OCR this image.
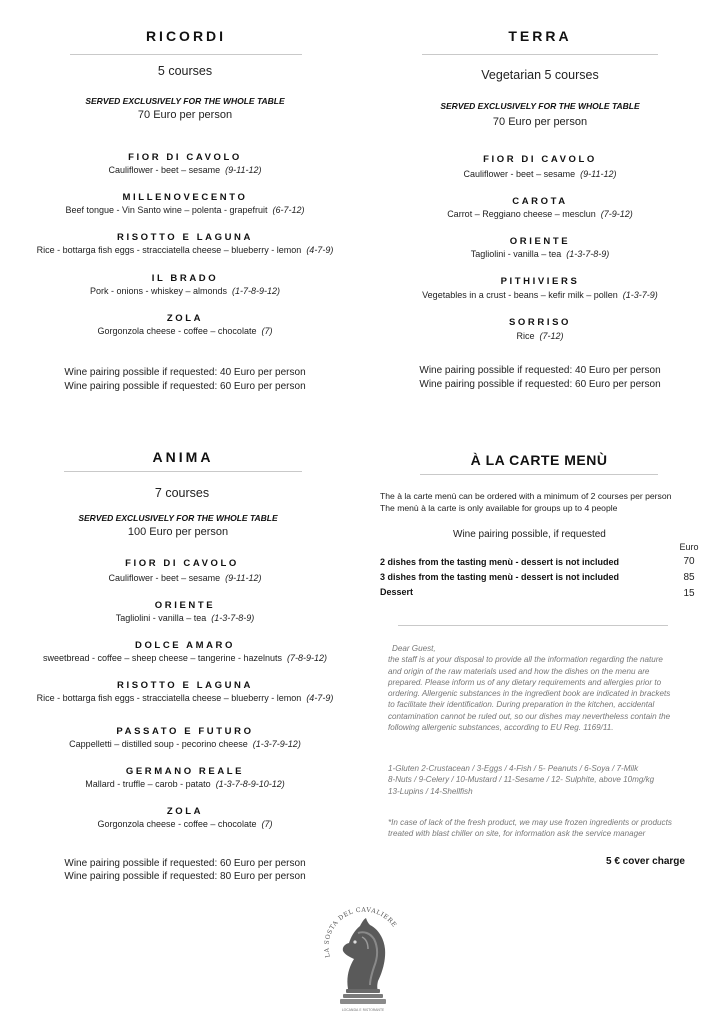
RICORDI
5 courses
SERVED EXCLUSIVELY FOR THE WHOLE TABLE
70 Euro per person
FIOR DI CAVOLO
Cauliflower - beet – sesame (9-11-12)
MILLENOVECENTO
Beef tongue - Vin Santo wine – polenta - grapefruit (6-7-12)
RISOTTO E LAGUNA
Rice - bottarga fish eggs - stracciatella cheese – blueberry - lemon (4-7-9)
IL BRADO
Pork - onions - whiskey – almonds (1-7-8-9-12)
ZOLA
Gorgonzola cheese - coffee – chocolate (7)
Wine pairing possible if requested: 40 Euro per person
Wine pairing possible if requested: 60 Euro per person
TERRA
Vegetarian 5 courses
SERVED EXCLUSIVELY FOR THE WHOLE TABLE
70 Euro per person
FIOR DI CAVOLO
Cauliflower - beet – sesame (9-11-12)
CAROTA
Carrot – Reggiano cheese – mesclun (7-9-12)
ORIENTE
Tagliolini - vanilla – tea (1-3-7-8-9)
PITHIVIERS
Vegetables in a crust - beans – kefir milk – pollen (1-3-7-9)
SORRISO
Rice (7-12)
Wine pairing possible if requested: 40 Euro per person
Wine pairing possible if requested: 60 Euro per person
ANIMA
7 courses
SERVED EXCLUSIVELY FOR THE WHOLE TABLE
100 Euro per person
FIOR DI CAVOLO
Cauliflower - beet – sesame (9-11-12)
ORIENTE
Tagliolini - vanilla – tea (1-3-7-8-9)
DOLCE AMARO
sweetbread - coffee – sheep cheese – tangerine - hazelnuts (7-8-9-12)
RISOTTO E LAGUNA
Rice - bottarga fish eggs - stracciatella cheese – blueberry - lemon (4-7-9)
PASSATO E FUTURO
Cappelletti – distilled soup - pecorino cheese (1-3-7-9-12)
GERMANO REALE
Mallard - truffle – carob - patato (1-3-7-8-9-10-12)
ZOLA
Gorgonzola cheese - coffee – chocolate (7)
Wine pairing possible if requested: 60 Euro per person
Wine pairing possible if requested: 80 Euro per person
À LA CARTE MENÙ
The à la carte menù can be ordered with a minimum of 2 courses per person
The menù à la carte is only available for groups up to 4 people
Wine pairing possible, if requested
Euro
2 dishes from the tasting menù - dessert is not included	70
3 dishes from the tasting menù - dessert is not included	85
Dessert	15
Dear Guest,
the staff is at your disposal to provide all the information regarding the nature
and origin of the raw materials used and how the dishes on the menu are
prepared. Please inform us of any dietary requirements and allergies prior to
ordering. Allergenic substances in the ingredient book are indicated in brackets
to facilitate their identification. During preparation in the kitchen, accidental
contamination cannot be ruled out, so our dishes may nevertheless contain the
following allergenic substances, according to EU Reg. 1169/11.
1-Gluten 2-Crustacean / 3-Eggs / 4-Fish / 5- Peanuts / 6-Soya / 7-Milk
8-Nuts / 9-Celery / 10-Mustard / 11-Sesame / 12- Sulphite, above 10mg/kg
13-Lupins / 14-Shellfish
*In case of lack of the fresh product, we may use frozen ingredients or products
treated with blast chiller on site, for information ask the service manager
5 € cover charge
LA SOSTA DEL CAVALIERE
LOCANDA E RISTORANTE
